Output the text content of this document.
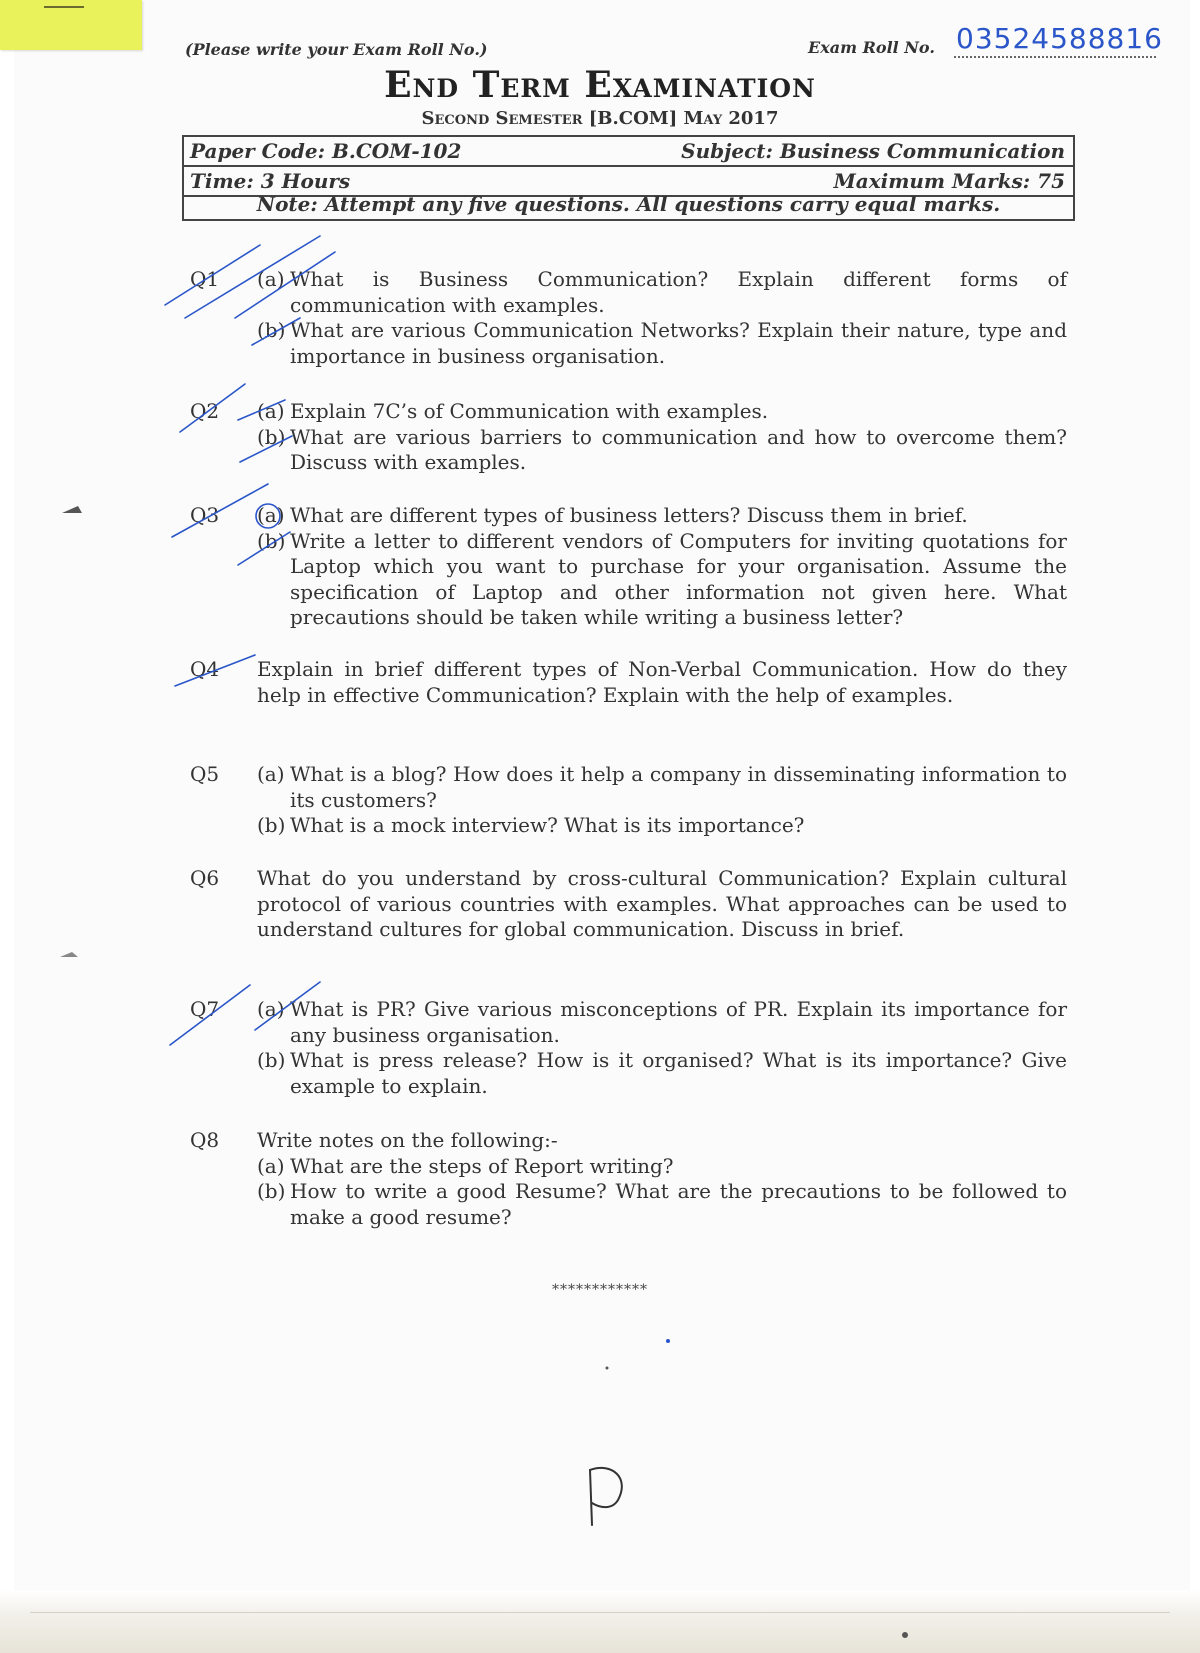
(Please write your Exam Roll No.)	Exam Roll No. 03524588816
End Term Examination
Second Semester [B.COM] May 2017
Paper Code: B.COM-102	Subject: Business Communication
Time: 3 Hours	Maximum Marks: 75
Note: Attempt any five questions. All questions carry equal marks.
Q1 (a) What is Business Communication? Explain different forms of communication with examples.
(b) What are various Communication Networks? Explain their nature, type and importance in business organisation.
Q2 (a) Explain 7C’s of Communication with examples.
(b) What are various barriers to communication and how to overcome them? Discuss with examples.
Q3 (a) What are different types of business letters? Discuss them in brief.
(b) Write a letter to different vendors of Computers for inviting quotations for Laptop which you want to purchase for your organisation. Assume the specification of Laptop and other information not given here. What precautions should be taken while writing a business letter?
Q4 Explain in brief different types of Non-Verbal Communication. How do they help in effective Communication? Explain with the help of examples.
Q5 (a) What is a blog? How does it help a company in disseminating information to its customers?
(b) What is a mock interview? What is its importance?
Q6 What do you understand by cross-cultural Communication? Explain cultural protocol of various countries with examples. What approaches can be used to understand cultures for global communication. Discuss in brief.
Q7 (a) What is PR? Give various misconceptions of PR. Explain its importance for any business organisation.
(b) What is press release? How is it organised? What is its importance? Give example to explain.
Q8 Write notes on the following:-
(a) What are the steps of Report writing?
(b) How to write a good Resume? What are the precautions to be followed to make a good resume?
************
